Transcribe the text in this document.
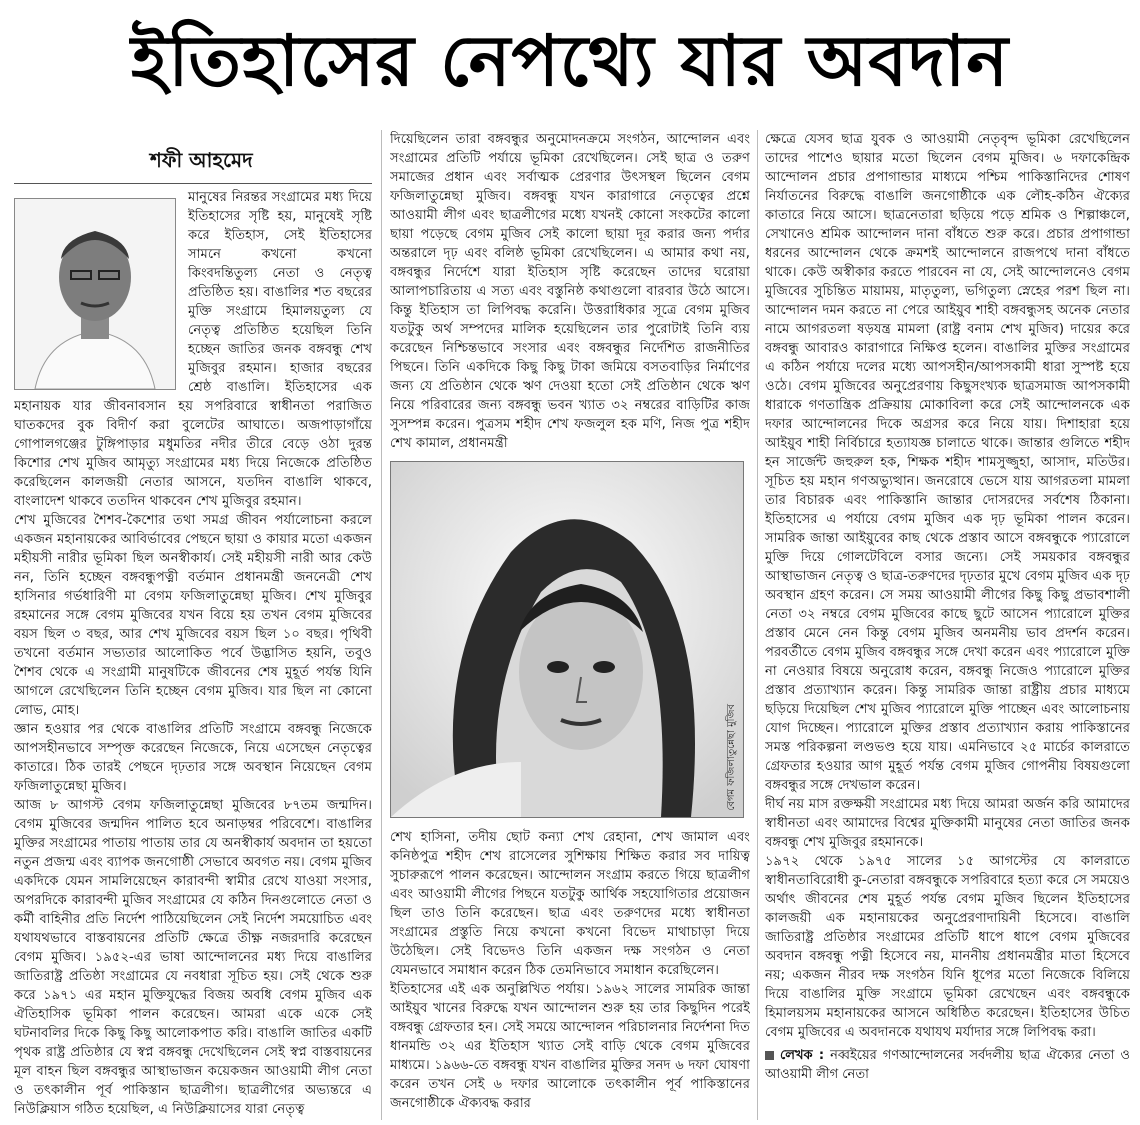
ইতিহাসের নেপথ্যে যার অবদান
শফী আহমেদ

মানুষের নিরন্তর সংগ্রামের মধ্য দিয়ে ইতিহাসের সৃষ্টি হয়, মানুষেই সৃষ্টি করে ইতিহাস, সেই ইতিহাসের সামনে কখনো কখনো কিংবদন্তিতুল্য নেতা ও নেতৃত্ব প্রতিষ্ঠিত হয়। বাঙালির শত বছরের মুক্তি সংগ্রামে হিমালয়তুল্য যে নেতৃত্ব প্রতিষ্ঠিত হয়েছিল তিনি হচ্ছেন জাতির জনক বঙ্গবন্ধু শেখ মুজিবুর রহমান। হাজার বছরের শ্রেষ্ঠ বাঙালি। ইতিহাসের এক মহানায়ক যার জীবনাবসান হয় সপরিবারে স্বাধীনতা পরাজিত ঘাতকদের বুক বিদীর্ণ করা বুলেটের আঘাতে। অজপাড়াগাঁয়ে গোপালগঞ্জের টুঙ্গিপাড়ার মধুমতির নদীর তীরে বেড়ে ওঠা দুরন্ত কিশোর শেখ মুজিব আমৃত্যু সংগ্রামের মধ্য দিয়ে নিজেকে প্রতিষ্ঠিত করেছিলেন কালজয়ী নেতার আসনে, যতদিন বাঙালি থাকবে, বাংলাদেশ থাকবে ততদিন থাকবেন শেখ মুজিবুর রহমান।

শেখ মুজিবের শৈশব-কৈশোর তথা সমগ্র জীবন পর্যালোচনা করলে একজন মহানায়কের আবির্ভাবের পেছনে ছায়া ও কায়ার মতো একজন মহীয়সী নারীর ভূমিকা ছিল অনস্বীকার্য। সেই মহীয়সী নারী আর কেউ নন, তিনি হচ্ছেন বঙ্গবন্ধুপত্নী বর্তমান প্রধানমন্ত্রী জননেত্রী শেখ হাসিনার গর্ভধারিণী মা বেগম ফজিলাতুন্নেছা মুজিব। শেখ মুজিবুর রহমানের সঙ্গে বেগম মুজিবের যখন বিয়ে হয় তখন বেগম মুজিবের বয়স ছিল ৩ বছর, আর শেখ মুজিবের বয়স ছিল ১০ বছর। পৃথিবী তখনো বর্তমান সভ্যতার আলোকিত পর্বে উদ্ভাসিত হয়নি, তবুও শৈশব থেকে এ সংগ্রামী মানুষটিকে জীবনের শেষ মুহূর্ত পর্যন্ত যিনি আগলে রেখেছিলেন তিনি হচ্ছেন বেগম মুজিব। যার ছিল না কোনো লোভ, মোহ।

জ্ঞান হওয়ার পর থেকে বাঙালির প্রতিটি সংগ্রামে বঙ্গবন্ধু নিজেকে আপসহীনভাবে সম্পৃক্ত করেছেন নিজেকে, নিয়ে এসেছেন নেতৃত্বের কাতারে। ঠিক তারই পেছনে দৃঢ়তার সঙ্গে অবস্থান নিয়েছেন বেগম ফজিলাতুন্নেছা মুজিব।

আজ ৮ আগস্ট বেগম ফজিলাতুন্নেছা মুজিবের ৮৭তম জন্মদিন। বেগম মুজিবের জন্মদিন পালিত হবে অনাড়ম্বর পরিবেশে। বাঙালির মুক্তির সংগ্রামের পাতায় পাতায় তার যে অনস্বীকার্য অবদান তা হয়তো নতুন প্রজন্ম এবং ব্যাপক জনগোষ্ঠী সেভাবে অবগত নয়। বেগম মুজিব একদিকে যেমন সামলিয়েছেন কারাবন্দী স্বামীর রেখে যাওয়া সংসার, অপরদিকে কারাবন্দী মুজিব সংগ্রামের যে কঠিন দিনগুলোতে নেতা ও কর্মী বাহিনীর প্রতি নির্দেশ পাঠিয়েছিলেন সেই নির্দেশ সময়োচিত এবং যথাযথভাবে বাস্তবায়নের প্রতিটি ক্ষেত্রে তীক্ষ্ণ নজরদারি করেছেন বেগম মুজিব। ১৯৫২-এর ভাষা আন্দোলনের মধ্য দিয়ে বাঙালির জাতিরাষ্ট্র প্রতিষ্ঠা সংগ্রামের যে নবধারা সূচিত হয়। সেই থেকে শুরু করে ১৯৭১ এর মহান মুক্তিযুদ্ধের বিজয় অবধি বেগম মুজিব এক ঐতিহাসিক ভূমিকা পালন করেছেন। আমরা একে একে সেই ঘটনাবলির দিকে কিছু কিছু আলোকপাত করি। বাঙালি জাতির একটি পৃথক রাষ্ট্র প্রতিষ্ঠার যে স্বপ্ন বঙ্গবন্ধু দেখেছিলেন সেই স্বপ্ন বাস্তবায়নের মূল বাহন ছিল বঙ্গবন্ধুর আস্থাভাজন কয়েকজন আওয়ামী লীগ নেতা ও তৎকালীন পূর্ব পাকিস্তান ছাত্রলীগ। ছাত্রলীগের অভ্যন্তরে এ নিউক্লিয়াস গঠিত হয়েছিল, এ নিউক্লিয়াসের যারা নেতৃত্ব

দিয়েছিলেন তারা বঙ্গবন্ধুর অনুমোদনক্রমে সংগঠন, আন্দোলন এবং সংগ্রামের প্রতিটি পর্যায়ে ভূমিকা রেখেছিলেন। সেই ছাত্র ও তরুণ সমাজের প্রধান এবং সর্বাত্মক প্রেরণার উৎসস্থল ছিলেন বেগম ফজিলাতুন্নেছা মুজিব। বঙ্গবন্ধু যখন কারাগারে নেতৃত্বের প্রশ্নে আওয়ামী লীগ এবং ছাত্রলীগের মধ্যে যখনই কোনো সংকটের কালো ছায়া পড়েছে বেগম মুজিব সেই কালো ছায়া দূর করার জন্য পর্দার অন্তরালে দৃঢ় এবং বলিষ্ঠ ভূমিকা রেখেছিলেন। এ আমার কথা নয়, বঙ্গবন্ধুর নির্দেশে যারা ইতিহাস সৃষ্টি করেছেন তাদের ঘরোয়া আলাপচারিতায় এ সত্য এবং বস্তুনিষ্ঠ কথাগুলো বারবার উঠে আসে। কিন্তু ইতিহাস তা লিপিবদ্ধ করেনি। উত্তরাধিকার সূত্রে বেগম মুজিব যতটুকু অর্থ সম্পদের মালিক হয়েছিলেন তার পুরোটাই তিনি ব্যয় করেছেন নিশ্চিন্তভাবে সংসার এবং বঙ্গবন্ধুর নির্দেশিত রাজনীতির পিছনে। তিনি একদিকে কিছু কিছু টাকা জমিয়ে বসতবাড়ির নির্মাণের জন্য যে প্রতিষ্ঠান থেকে ঋণ দেওয়া হতো সেই প্রতিষ্ঠান থেকে ঋণ নিয়ে পরিবারের জন্য বঙ্গবন্ধু ভবন খ্যাত ৩২ নম্বরের বাড়িটির কাজ সুসম্পন্ন করেন। পুত্রসম শহীদ শেখ ফজলুল হক মণি, নিজ পুত্র শহীদ শেখ কামাল, প্রধানমন্ত্রী

বেগম ফজিলাতুন্নেছা মুজিব

শেখ হাসিনা, তদীয় ছোট কন্যা শেখ রেহানা, শেখ জামাল এবং কনিষ্ঠপুত্র শহীদ শেখ রাসেলের সুশিক্ষায় শিক্ষিত করার সব দায়িত্ব সুচারুরূপে পালন করেছেন। আন্দোলন সংগ্রাম করতে গিয়ে ছাত্রলীগ এবং আওয়ামী লীগের পিছনে যতটুকু আর্থিক সহযোগিতার প্রয়োজন ছিল তাও তিনি করেছেন। ছাত্র এবং তরুণদের মধ্যে স্বাধীনতা সংগ্রামের প্রস্তুতি নিয়ে কখনো কখনো বিভেদ মাথাচাড়া দিয়ে উঠেছিল। সেই বিভেদও তিনি একজন দক্ষ সংগঠন ও নেতা যেমনভাবে সমাধান করেন ঠিক তেমনিভাবে সমাধান করেছিলেন।

ইতিহাসের এই এক অনুল্লিখিত পর্যায়। ১৯৬২ সালের সামরিক জান্তা আইয়ুব খানের বিরুদ্ধে যখন আন্দোলন শুরু হয় তার কিছুদিন পরেই বঙ্গবন্ধু গ্রেফতার হন। সেই সময়ে আন্দোলন পরিচালনার নির্দেশনা দিত ধানমন্ডি ৩২ এর ইতিহাস খ্যাত সেই বাড়ি থেকে বেগম মুজিবের মাধ্যমে। ১৯৬৬-তে বঙ্গবন্ধু যখন বাঙালির মুক্তির সনদ ৬ দফা ঘোষণা করেন তখন সেই ৬ দফার আলোকে তৎকালীন পূর্ব পাকিস্তানের জনগোষ্ঠীকে ঐক্যবদ্ধ করার

ক্ষেত্রে যেসব ছাত্র যুবক ও আওয়ামী নেতৃবৃন্দ ভূমিকা রেখেছিলেন তাদের পাশেও ছায়ার মতো ছিলেন বেগম মুজিব। ৬ দফাকেন্দ্রিক আন্দোলন প্রচার প্রপাগান্ডার মাধ্যমে পশ্চিম পাকিস্তানিদের শোষণ নির্যাতনের বিরুদ্ধে বাঙালি জনগোষ্ঠীকে এক লৌহ-কঠিন ঐক্যের কাতারে নিয়ে আসে। ছাত্রনেতারা ছড়িয়ে পড়ে শ্রমিক ও শিল্পাঞ্চলে, সেখানেও শ্রমিক আন্দোলন দানা বাঁধতে শুরু করে। প্রচার প্রপাগান্ডা ধরনের আন্দোলন থেকে ক্রমশই আন্দোলনে রাজপথে দানা বাঁধতে থাকে। কেউ অস্বীকার করতে পারবেন না যে, সেই আন্দোলনেও বেগম মুজিবের সুচিন্তিত মায়াময়, মাতৃতুল্য, ভগিতুল্য স্নেহের পরশ ছিল না। আন্দোলন দমন করতে না পেরে আইয়ুব শাহী বঙ্গবন্ধুসহ অনেক নেতার নামে আগরতলা ষড়যন্ত্র মামলা (রাষ্ট্র বনাম শেখ মুজিব) দায়ের করে বঙ্গবন্ধু আবারও কারাগারে নিক্ষিপ্ত হলেন। বাঙালির মুক্তির সংগ্রামের এ কঠিন পর্যায়ে দলের মধ্যে আপসহীন/আপসকামী ধারা সুস্পষ্ট হয়ে ওঠে। বেগম মুজিবের অনুপ্রেরণায় কিছুসংখ্যক ছাত্রসমাজ আপসকামী ধারাকে গণতান্ত্রিক প্রক্রিয়ায় মোকাবিলা করে সেই আন্দোলনকে এক দফার আন্দোলনের দিকে অগ্রসর করে নিয়ে যায়। দিশাহারা হয়ে আইয়ুব শাহী নির্বিচারে হত্যাযজ্ঞ চালাতে থাকে। জান্তার গুলিতে শহীদ হন সার্জেন্ট জহুরুল হক, শিক্ষক শহীদ শামসুজ্জুহা, আসাদ, মতিউর। সূচিত হয় মহান গণঅভ্যুত্থান। জনরোষে ভেসে যায় আগরতলা মামলা তার বিচারক এবং পাকিস্তানি জান্তার দোসরদের সর্বশেষ ঠিকানা। ইতিহাসের এ পর্যায়ে বেগম মুজিব এক দৃঢ় ভূমিকা পালন করেন। সামরিক জান্তা আইয়ুবের কাছ থেকে প্রস্তাব আসে বঙ্গবন্ধুকে প্যারোলে মুক্তি দিয়ে গোলটেবিলে বসার জন্যে। সেই সময়কার বঙ্গবন্ধুর আস্থাভাজন নেতৃত্ব ও ছাত্র-তরুণদের দৃঢ়তার মুখে বেগম মুজিব এক দৃঢ় অবস্থান গ্রহণ করেন। সে সময় আওয়ামী লীগের কিছু কিছু প্রভাবশালী নেতা ৩২ নম্বরে বেগম মুজিবের কাছে ছুটে আসেন প্যারোলে মুক্তির প্রস্তাব মেনে নেন কিন্তু বেগম মুজিব অনমনীয় ভাব প্রদর্শন করেন। পরবর্তীতে বেগম মুজিব বঙ্গবন্ধুর সঙ্গে দেখা করেন এবং প্যারোলে মুক্তি না নেওয়ার বিষয়ে অনুরোধ করেন, বঙ্গবন্ধু নিজেও প্যারোলে মুক্তির প্রস্তাব প্রত্যাখ্যান করেন। কিন্তু সামরিক জান্তা রাষ্ট্রীয় প্রচার মাধ্যমে ছড়িয়ে দিয়েছিল শেখ মুজিব প্যারোলে মুক্তি পাচ্ছেন এবং আলোচনায় যোগ দিচ্ছেন। প্যারোলে মুক্তির প্রস্তাব প্রত্যাখ্যান করায় পাকিস্তানের সমস্ত পরিকল্পনা লণ্ডভণ্ড হয়ে যায়। এমনিভাবে ২৫ মার্চের কালরাতে গ্রেফতার হওয়ার আগ মুহূর্ত পর্যন্ত বেগম মুজিব গোপনীয় বিষয়গুলো বঙ্গবন্ধুর সঙ্গে দেখভাল করেন।

দীর্ঘ নয় মাস রক্তক্ষয়ী সংগ্রামের মধ্য দিয়ে আমরা অর্জন করি আমাদের স্বাধীনতা এবং আমাদের বিশ্বের মুক্তিকামী মানুষের নেতা জাতির জনক বঙ্গবন্ধু শেখ মুজিবুর রহমানকে।

১৯৭২ থেকে ১৯৭৫ সালের ১৫ আগস্টের যে কালরাতে স্বাধীনতাবিরোধী কু-নেতারা বঙ্গবন্ধুকে সপরিবারে হত্যা করে সে সময়েও অর্থাৎ জীবনের শেষ মুহূর্ত পর্যন্ত বেগম মুজিব ছিলেন ইতিহাসের কালজয়ী এক মহানায়কের অনুপ্রেরণাদায়িনী হিসেবে। বাঙালি জাতিরাষ্ট্র প্রতিষ্ঠার সংগ্রামের প্রতিটি ধাপে ধাপে বেগম মুজিবের অবদান বঙ্গবন্ধু পত্নী হিসেবে নয়, মাননীয় প্রধানমন্ত্রীর মাতা হিসেবে নয়; একজন নীরব দক্ষ সংগঠন যিনি ধূপের মতো নিজেকে বিলিয়ে দিয়ে বাঙালির মুক্তি সংগ্রামে ভূমিকা রেখেছেন এবং বঙ্গবন্ধুকে হিমালয়সম মহানায়কের আসনে অধিষ্ঠিত করেছেন। ইতিহাসের উচিত বেগম মুজিবের এ অবদানকে যথাযথ মর্যাদার সঙ্গে লিপিবদ্ধ করা।

লেখক : নব্বইয়ের গণআন্দোলনের সর্বদলীয় ছাত্র ঐক্যের নেতা ও আওয়ামী লীগ নেতা
